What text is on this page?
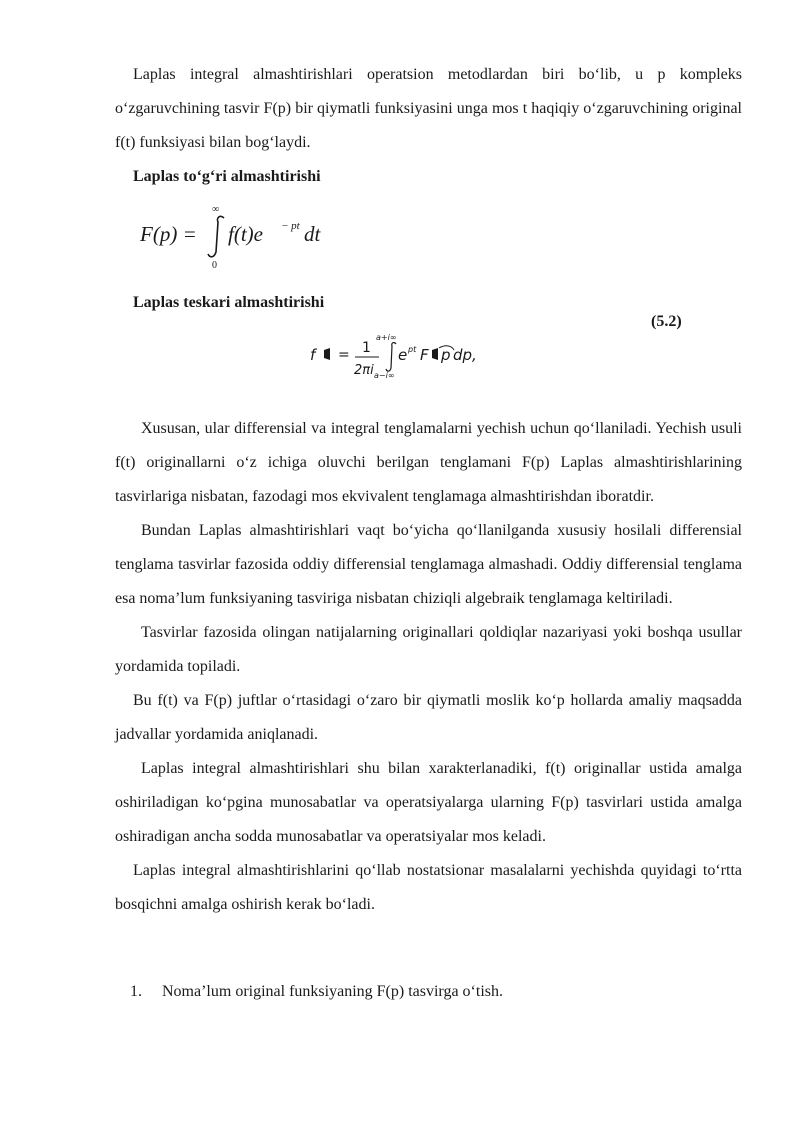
Laplas integral almashtirishlari operatsion metodlardan biri bo‘lib, u p kompleks o‘zgaruvchining tasvir F(p) bir qiymatli funksiyasini unga mos t haqiqiy o‘zgaruvchining original f(t) funksiyasi bilan bog‘laydi.

Laplas to‘g‘ri almashtirishi
Laplas teskari almashtirishi

Xususan, ular differensial va integral tenglamalarni yechish uchun qo‘llaniladi. Yechish usuli f(t) originallarni o‘z ichiga oluvchi berilgan tenglamani F(p) Laplas almashtirishlarining tasvirlariga nisbatan, fazodagi mos ekvivalent tenglamaga almashtirishdan iboratdir.

Bundan Laplas almashtirishlari vaqt bo‘yicha qo‘llanilganda xususiy hosilali differensial tenglama tasvirlar fazosida oddiy differensial tenglamaga almashadi. Oddiy differensial tenglama esa noma’lum funksiyaning tasviriga nisbatan chiziqli algebraik tenglamaga keltiriladi.

Tasvirlar fazosida olingan natijalarning originallari qoldiqlar nazariyasi yoki boshqa usullar yordamida topiladi.

Bu f(t) va F(p) juftlar o‘rtasidagi o‘zaro bir qiymatli moslik ko‘p hollarda amaliy maqsadda jadvallar yordamida aniqlanadi.

Laplas integral almashtirishlari shu bilan xarakterlanadiki, f(t) originallar ustida amalga oshiriladigan ko‘pgina munosabatlar va operatsiyalarga ularning F(p) tasvirlari ustida amalga oshiradigan ancha sodda munosabatlar va operatsiyalar mos keladi.

Laplas integral almashtirishlarini qo‘llab nostatsionar masalalarni yechishda quyidagi to‘rtta bosqichni amalga oshirish kerak bo‘ladi.

F(p) =
∞
0
f(t)e − pt dt
(5.2)
f = 1
2πi
a+i∞
a−i∞
e pt F p dp,
1. Noma’lum original funksiyaning F(p) tasvirga o‘tish.
